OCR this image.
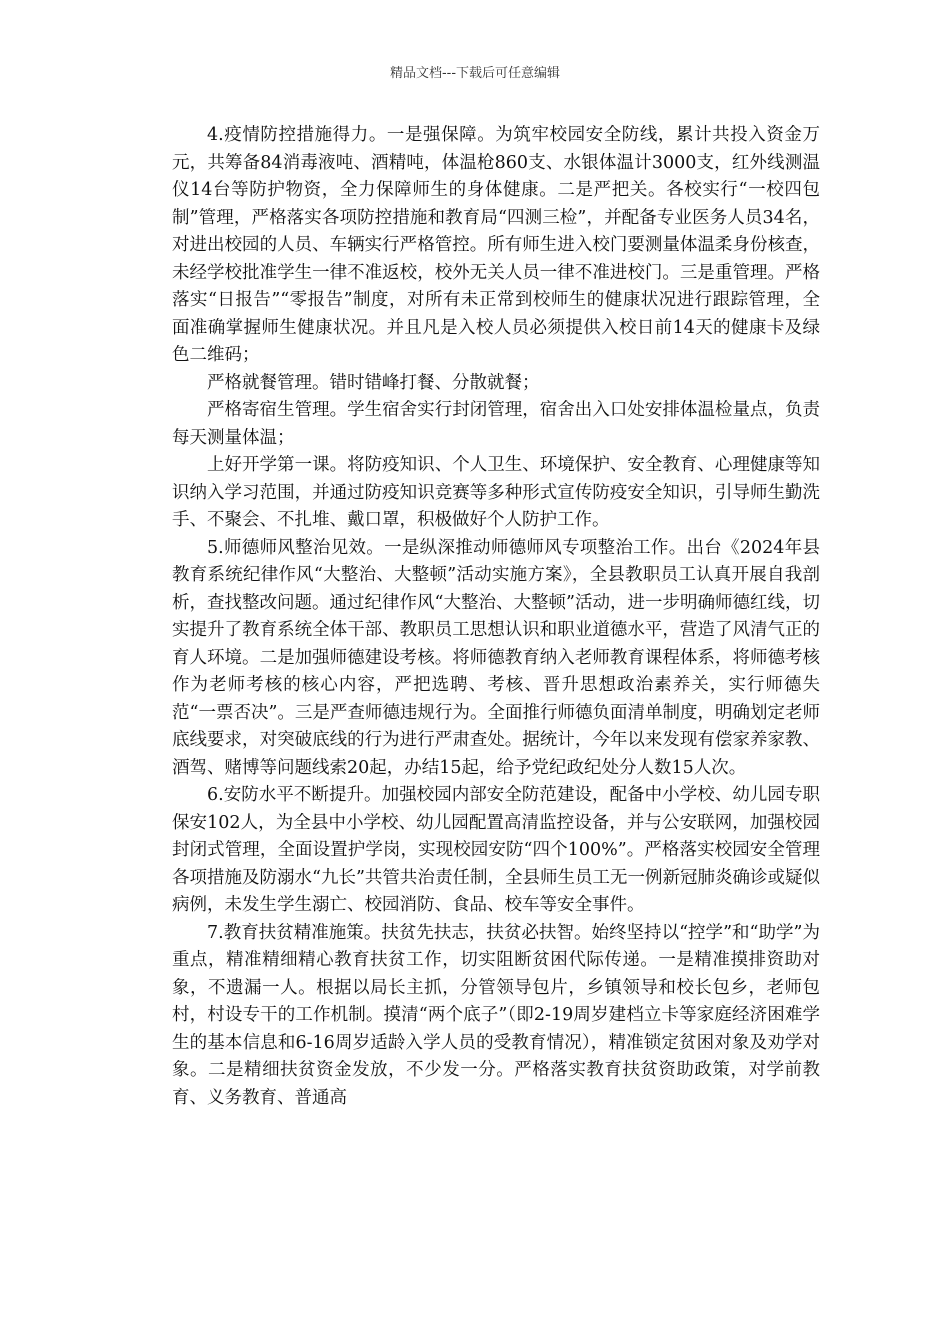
精品文档---下载后可任意编辑

4.疫情防控措施得力。一是强保障。为筑牢校园安全防线，累计共投入资金万元，共筹备84消毒液吨、酒精吨，体温枪860支、水银体温计3000支，红外线测温仪14台等防护物资，全力保障师生的身体健康。二是严把关。各校实行“一校四包制”管理，严格落实各项防控措施和教育局“四测三检”，并配备专业医务人员34名，对进出校园的人员、车辆实行严格管控。所有师生进入校门要测量体温柔身份核查，未经学校批准学生一律不准返校，校外无关人员一律不准进校门。三是重管理。严格落实“日报告”“零报告”制度，对所有未正常到校师生的健康状况进行跟踪管理，全面准确掌握师生健康状况。并且凡是入校人员必须提供入校日前14天的健康卡及绿色二维码；

严格就餐管理。错时错峰打餐、分散就餐；

严格寄宿生管理。学生宿舍实行封闭管理，宿舍出入口处安排体温检量点，负责每天测量体温；

上好开学第一课。将防疫知识、个人卫生、环境保护、安全教育、心理健康等知识纳入学习范围，并通过防疫知识竞赛等多种形式宣传防疫安全知识，引导师生勤洗手、不聚会、不扎堆、戴口罩，积极做好个人防护工作。

5.师德师风整治见效。一是纵深推动师德师风专项整治工作。出台《2024年县教育系统纪律作风“大整治、大整顿”活动实施方案》，全县教职员工认真开展自我剖析，查找整改问题。通过纪律作风“大整治、大整顿”活动，进一步明确师德红线，切实提升了教育系统全体干部、教职员工思想认识和职业道德水平，营造了风清气正的育人环境。二是加强师德建设考核。将师德教育纳入老师教育课程体系，将师德考核作为老师考核的核心内容，严把选聘、考核、晋升思想政治素养关，实行师德失范“一票否决”。三是严查师德违规行为。全面推行师德负面清单制度，明确划定老师底线要求，对突破底线的行为进行严肃查处。据统计，今年以来发现有偿家养家教、酒驾、赌博等问题线索20起，办结15起，给予党纪政纪处分人数15人次。

6.安防水平不断提升。加强校园内部安全防范建设，配备中小学校、幼儿园专职保安102人，为全县中小学校、幼儿园配置高清监控设备，并与公安联网，加强校园封闭式管理，全面设置护学岗，实现校园安防“四个100%”。严格落实校园安全管理各项措施及防溺水“九长”共管共治责任制，全县师生员工无一例新冠肺炎确诊或疑似病例，未发生学生溺亡、校园消防、食品、校车等安全事件。

7.教育扶贫精准施策。扶贫先扶志，扶贫必扶智。始终坚持以“控学”和“助学”为重点，精准精细精心教育扶贫工作，切实阻断贫困代际传递。一是精准摸排资助对象，不遗漏一人。根据以局长主抓，分管领导包片，乡镇领导和校长包乡，老师包村，村设专干的工作机制。摸清“两个底子”（即2-19周岁建档立卡等家庭经济困难学生的基本信息和6-16周岁适龄入学人员的受教育情况），精准锁定贫困对象及劝学对象。二是精细扶贫资金发放，不少发一分。严格落实教育扶贫资助政策，对学前教育、义务教育、普通高
